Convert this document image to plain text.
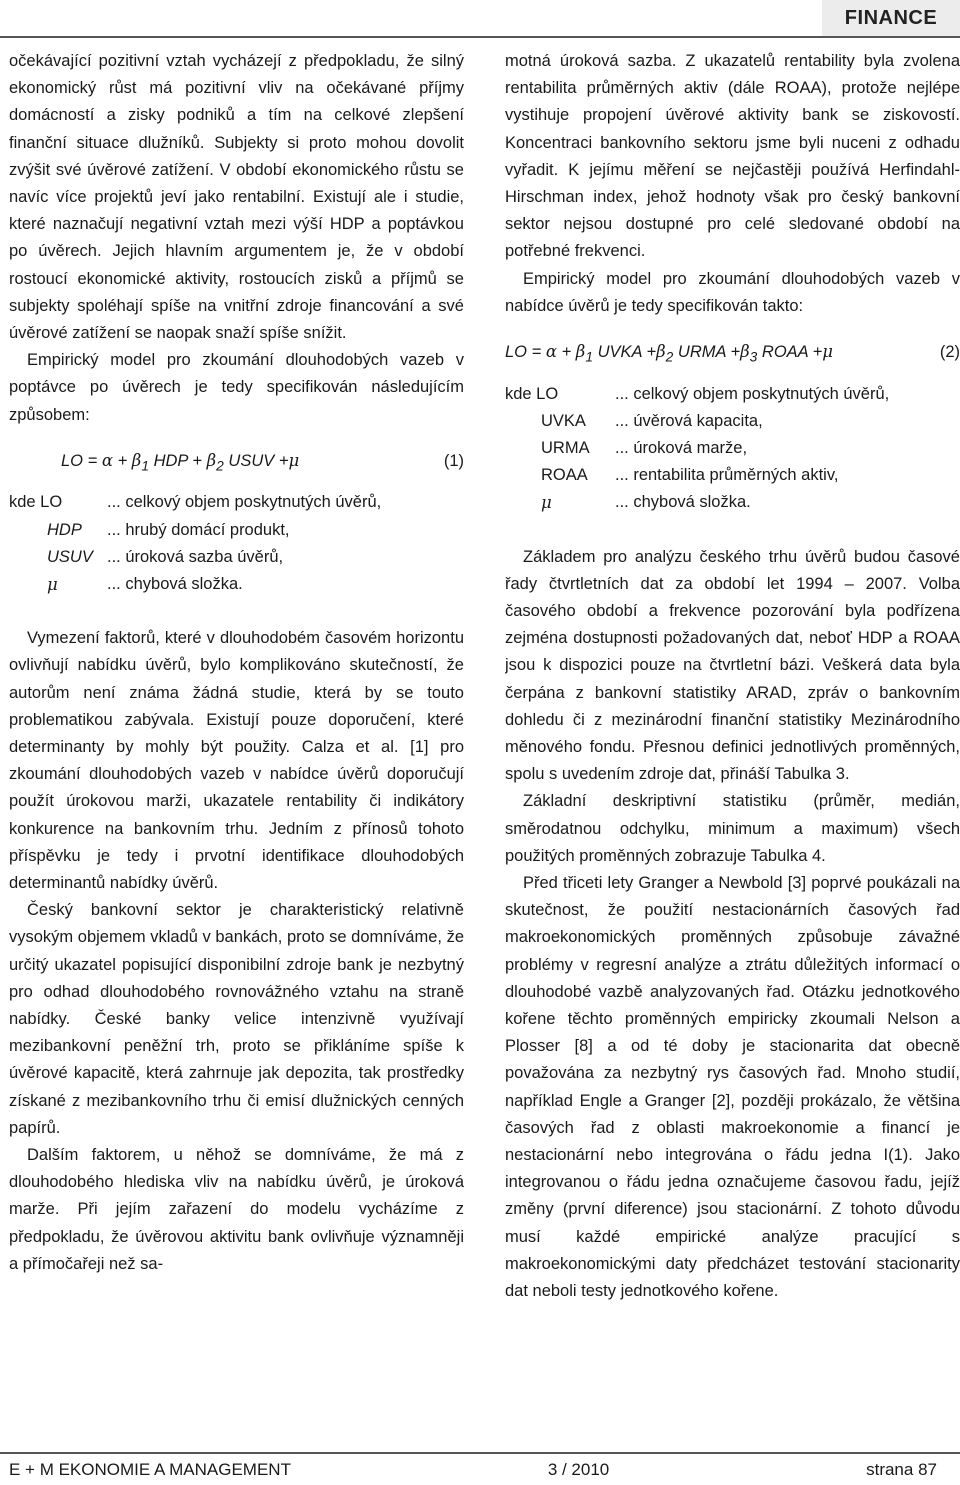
FINANCE

očekávající pozitivní vztah vycházejí z předpokladu, že silný ekonomický růst má pozitivní vliv na očekávané příjmy domácností a zisky podniků a tím na celkové zlepšení finanční situace dlužníků. Subjekty si proto mohou dovolit zvýšit své úvěrové zatížení. V období ekonomického růstu se navíc více projektů jeví jako rentabilní. Existují ale i studie, které naznačují negativní vztah mezi výší HDP a poptávkou po úvěrech. Jejich hlavním argumentem je, že v období rostoucí ekonomické aktivity, rostoucích zisků a příjmů se subjekty spoléhají spíše na vnitřní zdroje financování a své úvěrové zatížení se naopak snaží spíše snížit.

Empirický model pro zkoumání dlouhodobých vazeb v poptávce po úvěrech je tedy specifikován následujícím způsobem:

LO = $\alpha + \beta_1$ HDP + $\beta_2$ USUV +μ	(1)
kde LO	... celkový objem poskytnutých úvěrů,
HDP	... hrubý domácí produkt,
USUV ... úroková sazba úvěrů,
μ	... chybová složka.

Vymezení faktorů, které v dlouhodobém časovém horizontu ovlivňují nabídku úvěrů, bylo komplikováno skutečností, že autorům není známa žádná studie, která by se touto problematikou zabývala. Existují pouze doporučení, které determinanty by mohly být použity. Calza et al. [1] pro zkoumání dlouhodobých vazeb v nabídce úvěrů doporučují použít úrokovou marži, ukazatele rentability či indikátory konkurence na bankovním trhu. Jedním z přínosů tohoto příspěvku je tedy i prvotní identifikace dlouhodobých determinantů nabídky úvěrů.

Český bankovní sektor je charakteristický relativně vysokým objemem vkladů v bankách, proto se domníváme, že určitý ukazatel popisující disponibilní zdroje bank je nezbytný pro odhad dlouhodobého rovnovážného vztahu na straně nabídky. České banky velice intenzivně využívají mezibankovní peněžní trh, proto se přikláníme spíše k úvěrové kapacitě, která zahrnuje jak depozita, tak prostředky získané z mezibankovního trhu či emisí dlužnických cenných papírů.

Dalším faktorem, u něhož se domníváme, že má z dlouhodobého hlediska vliv na nabídku úvěrů, je úroková marže. Při jejím zařazení do modelu vycházíme z předpokladu, že úvěrovou aktivitu bank ovlivňuje významněji a přímočařeji než sa-

motná úroková sazba. Z ukazatelů rentability byla zvolena rentabilita průměrných aktiv (dále ROAA), protože nejlépe vystihuje propojení úvěrové aktivity bank se ziskovostí. Koncentraci bankovního sektoru jsme byli nuceni z odhadu vyřadit. K jejímu měření se nejčastěji používá Herfindahl-Hirschman index, jehož hodnoty však pro český bankovní sektor nejsou dostupné pro celé sledované období na potřebné frekvenci.

Empirický model pro zkoumání dlouhodobých vazeb v nabídce úvěrů je tedy specifikován takto:

LO = $\alpha + \beta_1$ UVKA $+\beta_2$ URMA $+\beta_3$ ROAA +μ	(2)
kde LO	... celkový objem poskytnutých úvěrů,
UVKA	... úvěrová kapacita,
URMA	... úroková marže,
ROAA	... rentabilita průměrných aktiv,
μ	... chybová složka.

Základem pro analýzu českého trhu úvěrů budou časové řady čtvrtletních dat za období let 1994 – 2007. Volba časového období a frekvence pozorování byla podřízena zejména dostupnosti požadovaných dat, neboť HDP a ROAA jsou k dispozici pouze na čtvrtletní bázi. Veškerá data byla čerpána z bankovní statistiky ARAD, zpráv o bankovním dohledu či z mezinárodní finanční statistiky Mezinárodního měnového fondu. Přesnou definici jednotlivých proměnných, spolu s uvedením zdroje dat, přináší Tabulka 3.

Základní deskriptivní statistiku (průměr, medián, směrodatnou odchylku, minimum a maximum) všech použitých proměnných zobrazuje Tabulka 4.

Před třiceti lety Granger a Newbold [3] poprvé poukázali na skutečnost, že použití nestacionárních časových řad makroekonomických proměnných způsobuje závažné problémy v regresní analýze a ztrátu důležitých informací o dlouhodobé vazbě analyzovaných řad. Otázku jednotkového kořene těchto proměnných empiricky zkoumali Nelson a Plosser [8] a od té doby je stacionarita dat obecně považována za nezbytný rys časových řad. Mnoho studií, například Engle a Granger [2], později prokázalo, že většina časových řad z oblasti makroekonomie a financí je nestacionární nebo integrována o řádu jedna I(1). Jako integrovanou o řádu jedna označujeme časovou řadu, jejíž změny (první diference) jsou stacionární. Z tohoto důvodu musí každé empirické analýze pracující s makroekonomickými daty předcházet testování stacionarity dat neboli testy jednotkového kořene.

E + M EKONOMIE A MANAGEMENT	3 / 2010	strana 87
